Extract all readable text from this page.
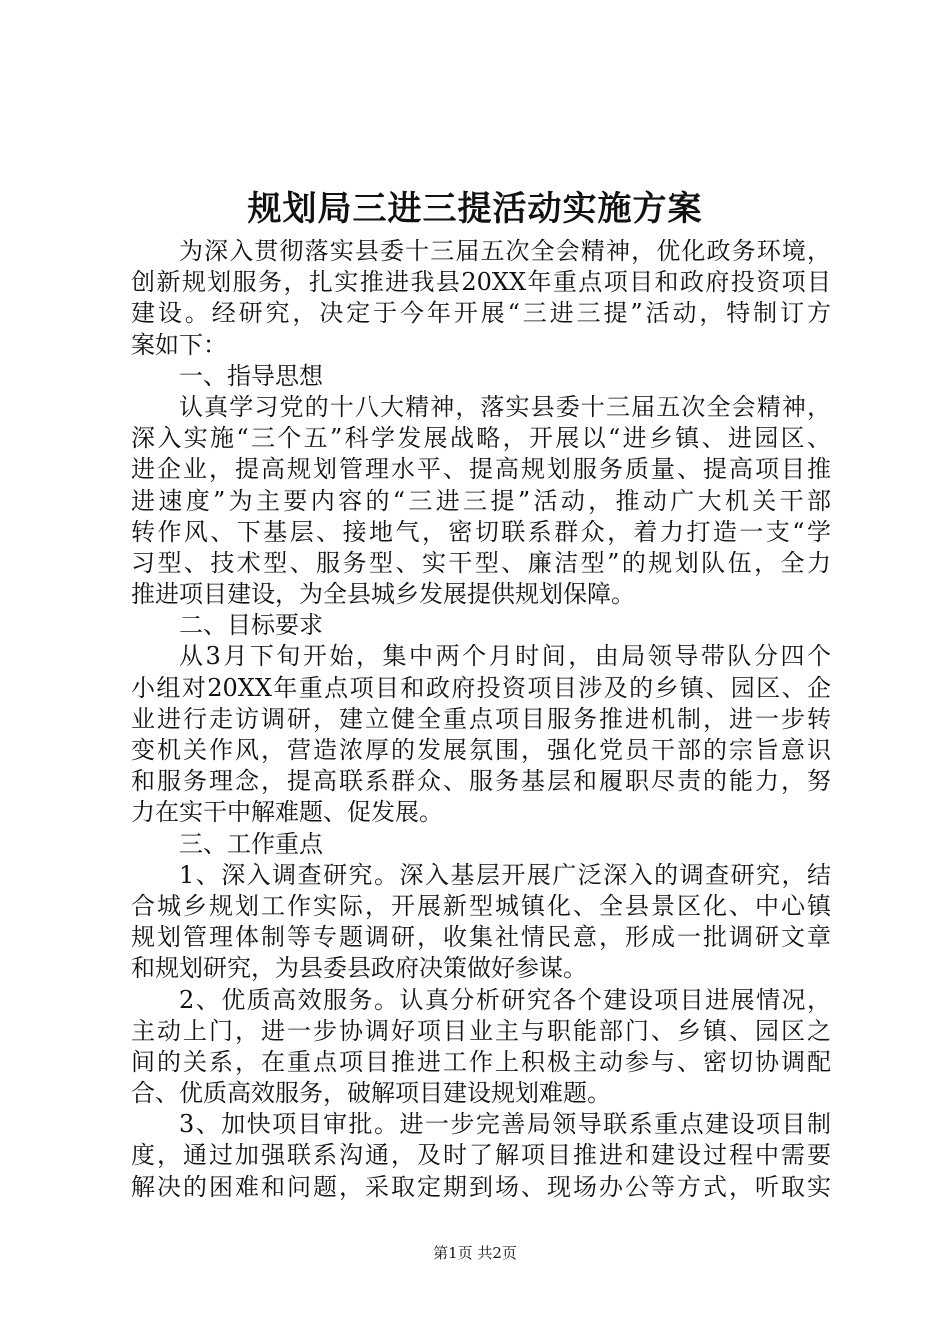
规划局三进三提活动实施方案
为深入贯彻落实县委十三届五次全会精神，优化政务环境，
创新规划服务，扎实推进我县20XX年重点项目和政府投资项目
建设。经研究，决定于今年开展“三进三提”活动，特制订方
案如下：
一、指导思想
认真学习党的十八大精神，落实县委十三届五次全会精神，
深入实施“三个五”科学发展战略，开展以“进乡镇、进园区、
进企业，提高规划管理水平、提高规划服务质量、提高项目推
进速度”为主要内容的“三进三提”活动，推动广大机关干部
转作风、下基层、接地气，密切联系群众，着力打造一支“学
习型、技术型、服务型、实干型、廉洁型”的规划队伍，全力
推进项目建设，为全县城乡发展提供规划保障。
二、目标要求
从3月下旬开始，集中两个月时间，由局领导带队分四个
小组对20XX年重点项目和政府投资项目涉及的乡镇、园区、企
业进行走访调研，建立健全重点项目服务推进机制，进一步转
变机关作风，营造浓厚的发展氛围，强化党员干部的宗旨意识
和服务理念，提高联系群众、服务基层和履职尽责的能力，努
力在实干中解难题、促发展。
三、工作重点
1、深入调查研究。深入基层开展广泛深入的调查研究，结
合城乡规划工作实际，开展新型城镇化、全县景区化、中心镇
规划管理体制等专题调研，收集社情民意，形成一批调研文章
和规划研究，为县委县政府决策做好参谋。
2、优质高效服务。认真分析研究各个建设项目进展情况，
主动上门，进一步协调好项目业主与职能部门、乡镇、园区之
间的关系，在重点项目推进工作上积极主动参与、密切协调配
合、优质高效服务，破解项目建设规划难题。
3、加快项目审批。进一步完善局领导联系重点建设项目制
度，通过加强联系沟通，及时了解项目推进和建设过程中需要
解决的困难和问题，采取定期到场、现场办公等方式，听取实
第1页 共2页
